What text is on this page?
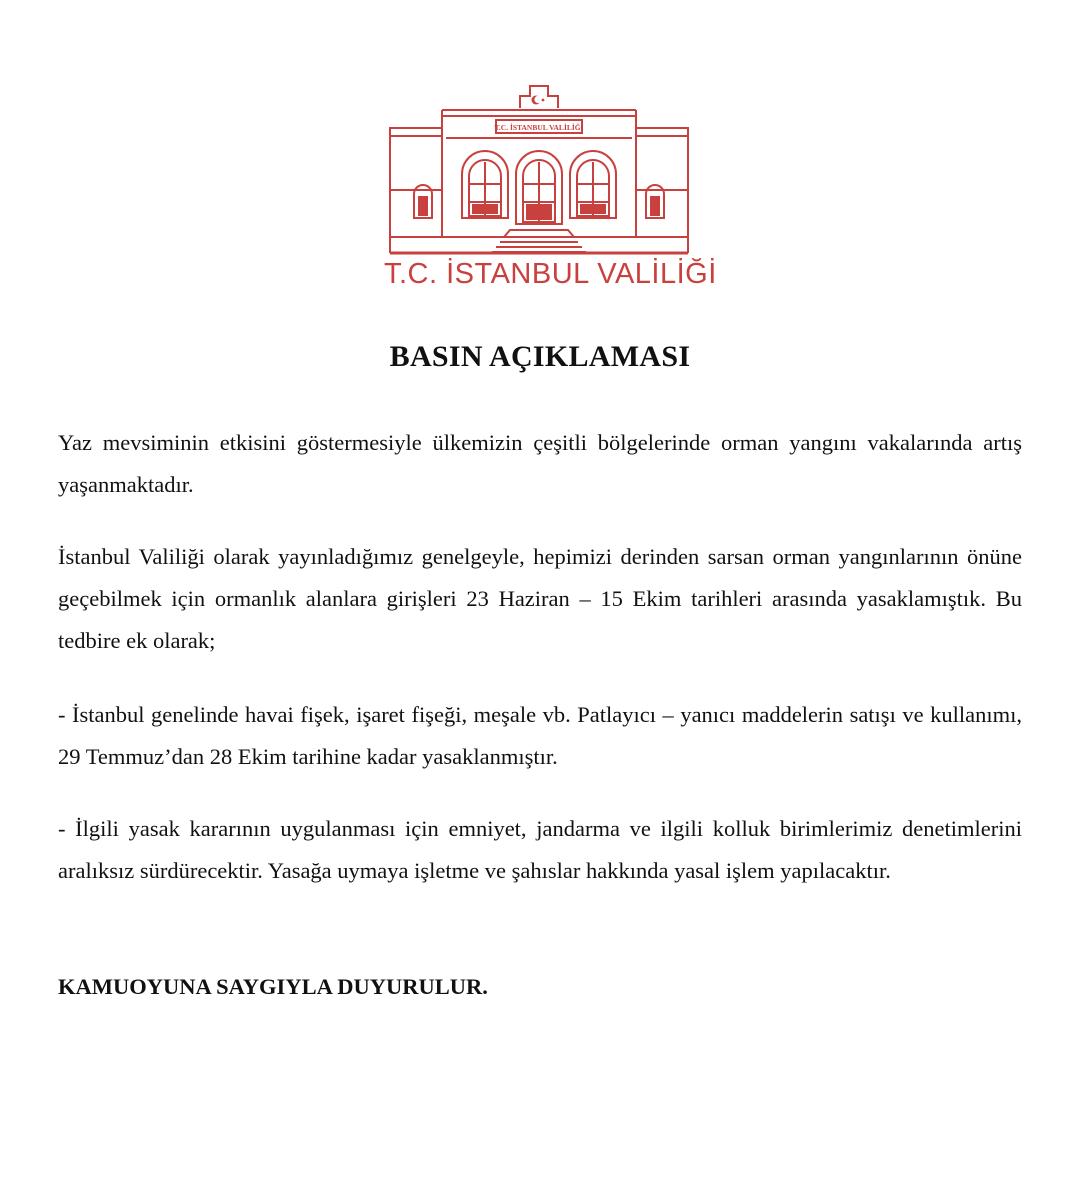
T.C. İSTANBUL VALİLİĞİ
T.C. İSTANBUL VALİLİĞİ
BASIN AÇIKLAMASI

Yaz mevsiminin etkisini göstermesiyle ülkemizin çeşitli bölgelerinde orman yangını vakalarında artış yaşanmaktadır.

İstanbul Valiliği olarak yayınladığımız genelgeyle, hepimizi derinden sarsan orman yangınlarının önüne geçebilmek için ormanlık alanlara girişleri 23 Haziran – 15 Ekim tarihleri arasında yasaklamıştık. Bu tedbire ek olarak;

- İstanbul genelinde havai fişek, işaret fişeği, meşale vb. Patlayıcı – yanıcı maddelerin satışı ve kullanımı, 29 Temmuz’dan 28 Ekim tarihine kadar yasaklanmıştır.

- İlgili yasak kararının uygulanması için emniyet, jandarma ve ilgili kolluk birimlerimiz denetimlerini aralıksız sürdürecektir. Yasağa uymaya işletme ve şahıslar hakkında yasal işlem yapılacaktır.

KAMUOYUNA SAYGIYLA DUYURULUR.
